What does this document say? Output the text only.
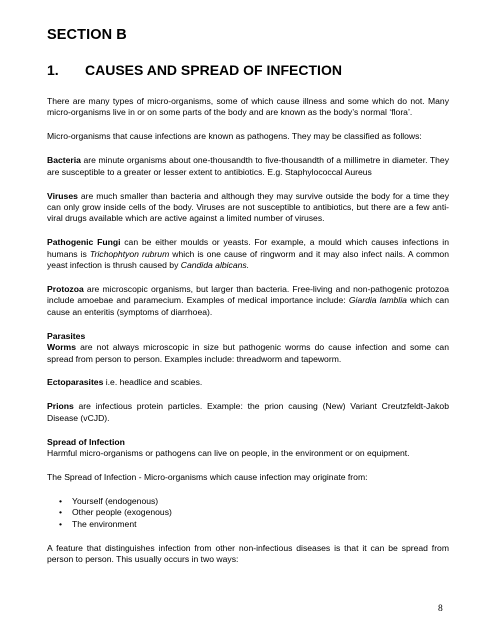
SECTION B
1.	CAUSES AND SPREAD OF INFECTION

There are many types of micro-organisms, some of which cause illness and some which do not. Many micro-organisms live in or on some parts of the body and are known as the body’s normal ‘flora’.

Micro-organisms that cause infections are known as pathogens. They may be classified as follows:

Bacteria are minute organisms about one-thousandth to five-thousandth of a millimetre in diameter. They are susceptible to a greater or lesser extent to antibiotics. E.g. Staphylococcal Aureus

Viruses are much smaller than bacteria and although they may survive outside the body for a time they can only grow inside cells of the body. Viruses are not susceptible to antibiotics, but there are a few anti-viral drugs available which are active against a limited number of viruses.

Pathogenic Fungi can be either moulds or yeasts. For example, a mould which causes infections in humans is Trichophtyon rubrum which is one cause of ringworm and it may also infect nails. A common yeast infection is thrush caused by Candida albicans.

Protozoa are microscopic organisms, but larger than bacteria. Free-living and non-pathogenic protozoa include amoebae and paramecium. Examples of medical importance include: Giardia lamblia which can cause an enteritis (symptoms of diarrhoea).

Parasites

Worms are not always microscopic in size but pathogenic worms do cause infection and some can spread from person to person. Examples include: threadworm and tapeworm.

Ectoparasites i.e. headlice and scabies.

Prions are infectious protein particles. Example: the prion causing (New) Variant Creutzfeldt-Jakob Disease (vCJD).

Spread of Infection

Harmful micro-organisms or pathogens can live on people, in the environment or on equipment.

The Spread of Infection - Micro-organisms which cause infection may originate from:

•	Yourself (endogenous)
•	Other people (exogenous)
•	The environment

A feature that distinguishes infection from other non-infectious diseases is that it can be spread from person to person. This usually occurs in two ways:

8
